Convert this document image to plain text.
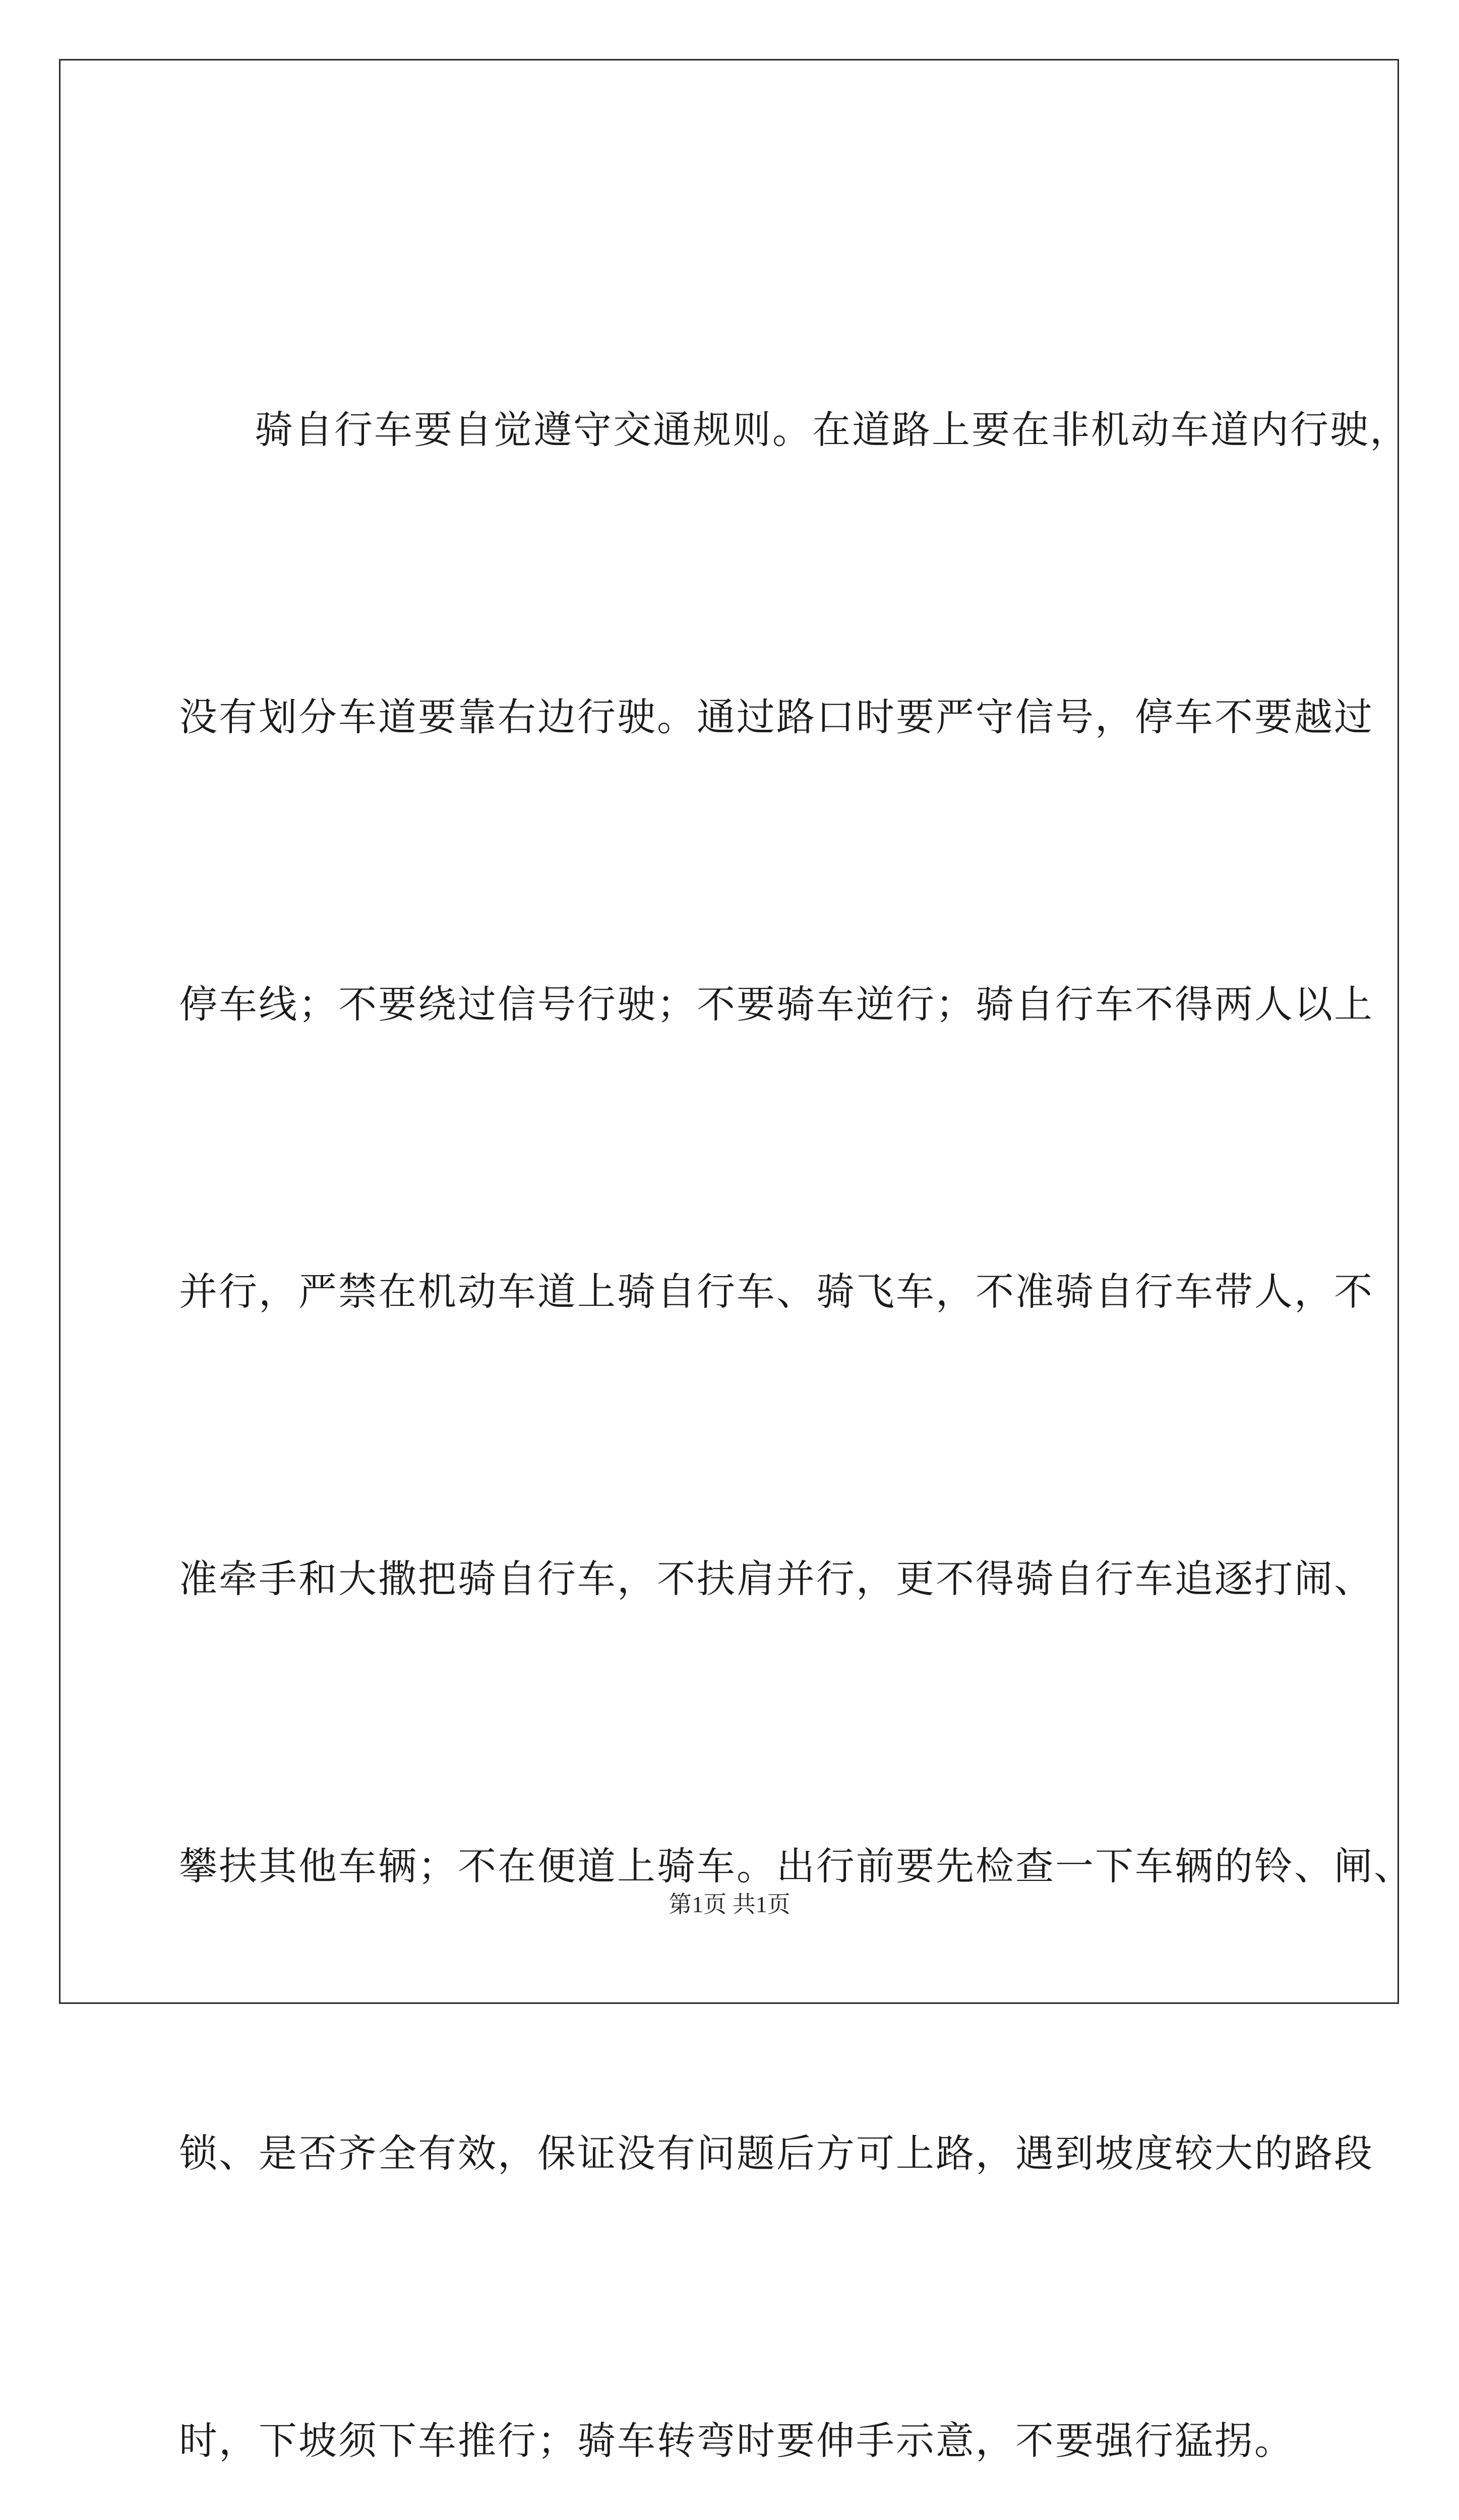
骑自行车要自觉遵守交通规则。在道路上要在非机动车道内行驶，

没有划分车道要靠右边行驶。通过路口时要严守信号，停车不要越过

停车线；不要绕过信号行驶；不要骑车逆行；骑自行车不得两人以上

并行，严禁在机动车道上骑自行车、骑飞车，不准骑自行车带人，不

准牵手和大撒把骑自行车，不扶肩并行，更不得骑自行车追逐打闹、

攀扶其他车辆；不在便道上骑车。出行前要先检查一下车辆的铃、闸、

锁、是否齐全有效，保证没有问题后方可上路，遇到坡度较大的路段

时，下坡须下车推行；骑车转弯时要伸手示意，不要强行猛拐。

第1页 共1页
